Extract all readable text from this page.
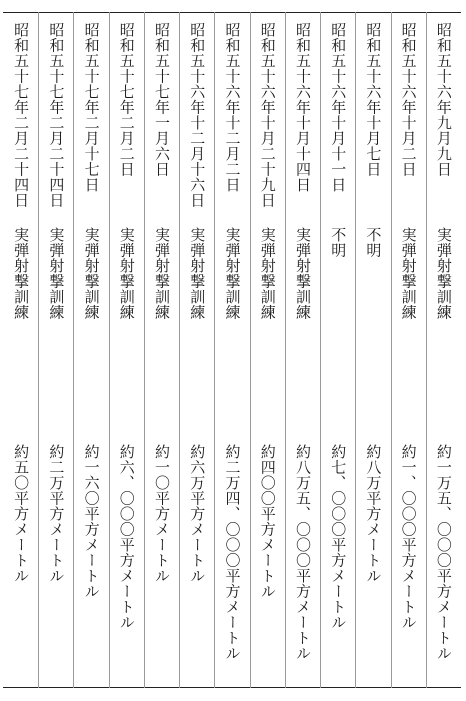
昭和五十六年九月九日
実弾射撃訓練
約一万五、〇〇〇平方メートル
昭和五十六年十月二日
実弾射撃訓練
約一、〇〇〇平方メートル
昭和五十六年十月七日
不明
約八万平方メートル
昭和五十六年十月十一日
不明
約七、〇〇〇平方メートル
昭和五十六年十月十四日
実弾射撃訓練
約八万五、〇〇〇平方メートル
昭和五十六年十月二十九日
実弾射撃訓練
約四〇〇平方メートル
昭和五十六年十二月二日
実弾射撃訓練
約二万四、〇〇〇平方メートル
昭和五十六年十二月十六日
実弾射撃訓練
約六万平方メートル
昭和五十七年一月六日
実弾射撃訓練
約一〇平方メートル
昭和五十七年二月二日
実弾射撃訓練
約六、〇〇〇平方メートル
昭和五十七年二月十七日
実弾射撃訓練
約一六〇平方メートル
昭和五十七年二月二十四日
実弾射撃訓練
約二万平方メートル
昭和五十七年二月二十四日
実弾射撃訓練
約五〇平方メートル
